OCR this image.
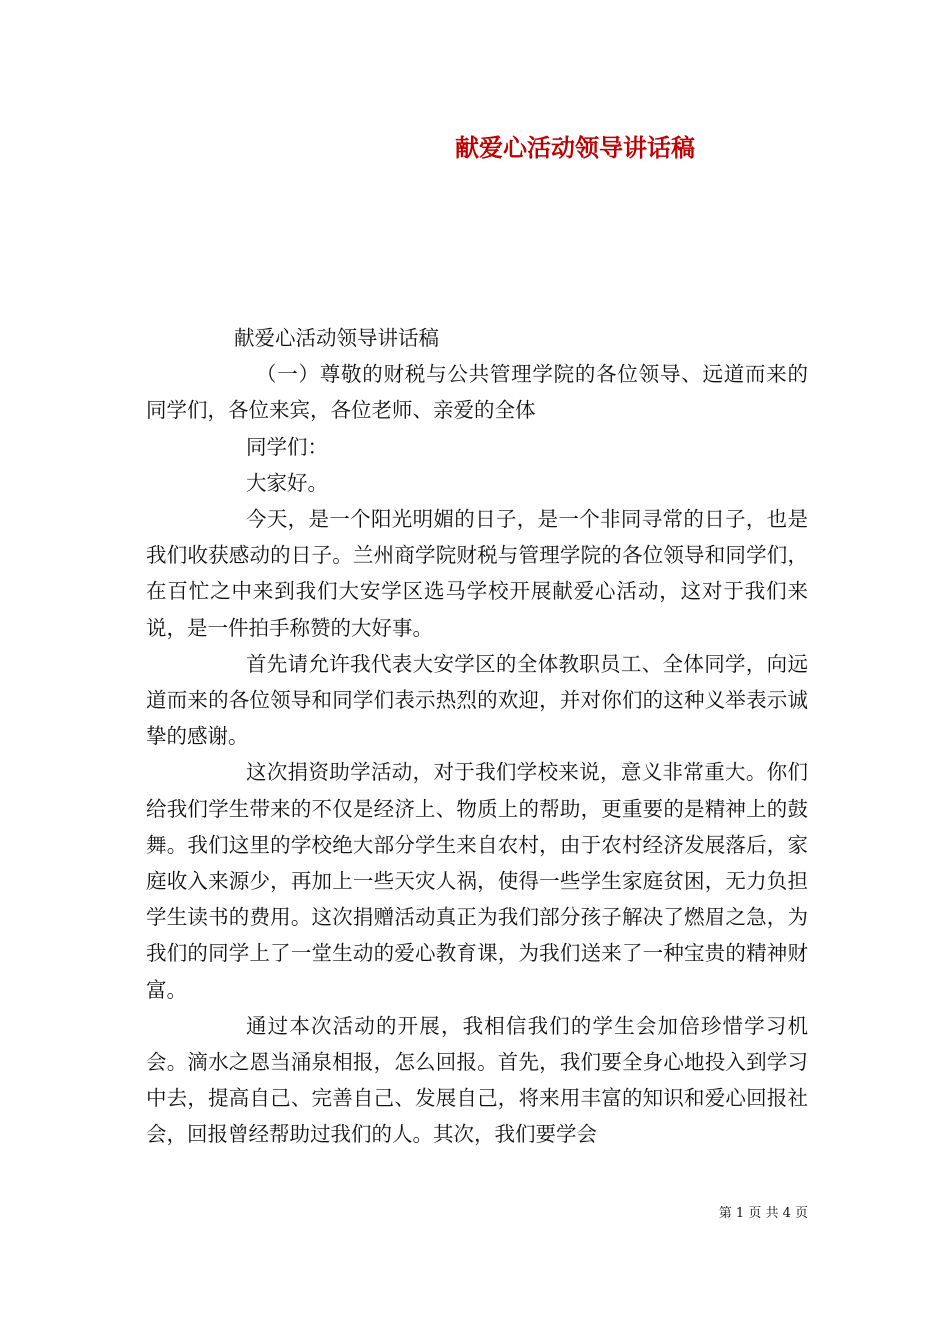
献爱心活动领导讲话稿

献爱心活动领导讲话稿

（一）尊敬的财税与公共管理学院的各位领导、远道而来的同学们，各位来宾，各位老师、亲爱的全体

同学们：

大家好。

今天，是一个阳光明媚的日子，是一个非同寻常的日子，也是我们收获感动的日子。兰州商学院财税与管理学院的各位领导和同学们，在百忙之中来到我们大安学区选马学校开展献爱心活动，这对于我们来说，是一件拍手称赞的大好事。

首先请允许我代表大安学区的全体教职员工、全体同学，向远道而来的各位领导和同学们表示热烈的欢迎，并对你们的这种义举表示诚挚的感谢。

这次捐资助学活动，对于我们学校来说，意义非常重大。你们给我们学生带来的不仅是经济上、物质上的帮助，更重要的是精神上的鼓舞。我们这里的学校绝大部分学生来自农村，由于农村经济发展落后，家庭收入来源少，再加上一些天灾人祸，使得一些学生家庭贫困，无力负担学生读书的费用。这次捐赠活动真正为我们部分孩子解决了燃眉之急，为我们的同学上了一堂生动的爱心教育课，为我们送来了一种宝贵的精神财富。

通过本次活动的开展，我相信我们的学生会加倍珍惜学习机会。滴水之恩当涌泉相报，怎么回报。首先，我们要全身心地投入到学习中去，提高自己、完善自己、发展自己，将来用丰富的知识和爱心回报社会，回报曾经帮助过我们的人。其次，我们要学会

第 1 页 共 4 页
